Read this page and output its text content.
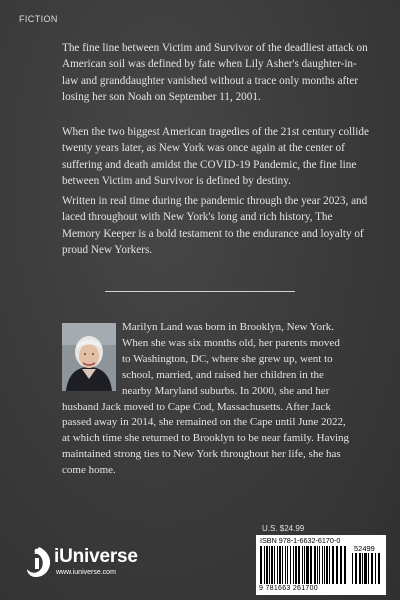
FICTION

The fine line between Victim and Survivor of the deadliest attack on American soil was defined by fate when Lily Asher's daughter-in-law and granddaughter vanished without a trace only months after losing her son Noah on September 11, 2001.

When the two biggest American tragedies of the 21st century collide twenty years later, as New York was once again at the center of suffering and death amidst the COVID-19 Pandemic, the fine line between Victim and Survivor is defined by destiny.

Written in real time during the pandemic through the year 2023, and laced throughout with New York's long and rich history, The Memory Keeper is a bold testament to the endurance and loyalty of proud New Yorkers.

Marilyn Land was born in Brooklyn, New York.
When she was six months old, her parents moved
to Washington, DC, where she grew up, went to
school, married, and raised her children in the
nearby Maryland suburbs. In 2000, she and her
husband Jack moved to Cape Cod, Massachusetts. After Jack
passed away in 2014, she remained on the Cape until June 2022,
at which time she returned to Brooklyn to be near family. Having
maintained strong ties to New York throughout her life, she has
come home.
U.S. $24.99
ISBN 978-1-6632-6170-0
52499
9 781663 261700
iUniverse
www.iuniverse.com
